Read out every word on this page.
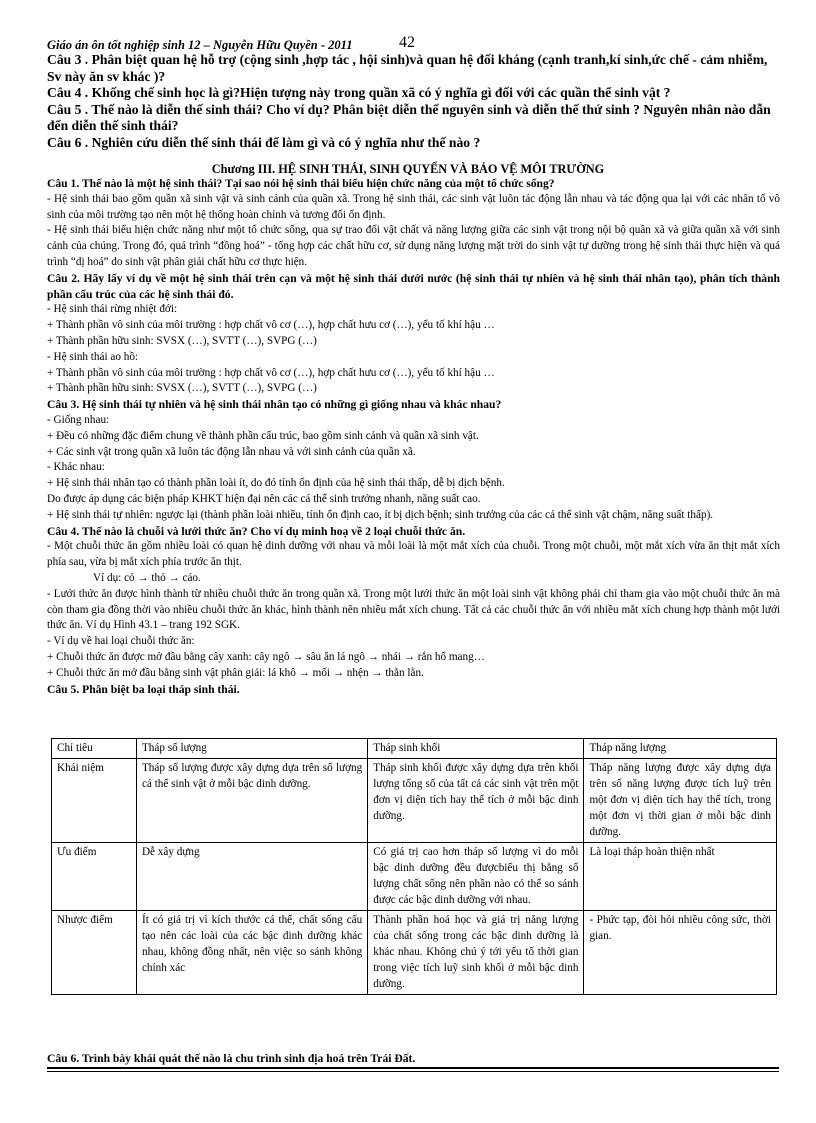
Giáo án ôn tốt nghiệp sinh 12 – Nguyễn Hữu Quyền - 2011	42

Câu 3 . Phân biệt quan hệ hỗ trợ (cộng sinh ,hợp tác , hội sinh)và quan hệ đối kháng (cạnh tranh,kí sinh,ức chế - cảm nhiễm, Sv này ăn sv khác )?

Câu 4 . Khống chế sinh học là gì?Hiện tượng này trong quần xã có ý nghĩa gì đối với các quần thể sinh vật ?

Câu 5 . Thế nào là diễn thế sinh thái? Cho ví dụ? Phân biệt diễn thế nguyên sinh và diễn thế thứ sinh ? Nguyên nhân nào dẫn đến diễn thế sinh thái?

Câu 6 . Nghiên cứu diễn thế sinh thái để làm gì và có ý nghĩa như thế nào ?

Chương III. HỆ SINH THÁI, SINH QUYỂN VÀ BẢO VỆ MÔI TRƯỜNG

Câu 1. Thế nào là một hệ sinh thái? Tại sao nói hệ sinh thái biểu hiện chức năng của một tổ chức sống?

- Hệ sinh thái bao gồm quần xã sinh vật và sinh cảnh của quần xã. Trong hệ sinh thái, các sinh vật luôn tác động lẫn nhau và tác động qua lại với các nhân tố vô sinh của môi trường tạo nên một hệ thống hoàn chỉnh và tương đối ổn định.

- Hệ sinh thái biểu hiện chức năng như một tổ chức sống, qua sự trao đổi vật chất và năng lượng giữa các sinh vật trong nội bộ quần xã và giữa quần xã với sinh cảnh của chúng. Trong đó, quá trình “đồng hoá” - tổng hợp các chất hữu cơ, sử dụng năng lượng mặt trời do sinh vật tự dưỡng trong hệ sinh thái thực hiện và quá trình “dị hoá” do sinh vật phân giải chất hữu cơ thực hiện.

Câu 2. Hãy lấy ví dụ về một hệ sinh thái trên cạn và một hệ sinh thái dưới nước (hệ sinh thái tự nhiên và hệ sinh thái nhân tạo), phân tích thành phần cấu trúc của các hệ sinh thái đó.

- Hệ sinh thái rừng nhiệt đới:

+ Thành phần vô sinh của môi trường : hợp chất vô cơ (…), hợp chất hưu cơ (…), yếu tố khí hậu …

+ Thành phần hữu sinh: SVSX (…), SVTT (…), SVPG (…)

- Hệ sinh thái ao hồ:

+ Thành phần vô sinh của môi trường : hợp chất vô cơ (…), hợp chất hưu cơ (…), yếu tố khí hậu …

+ Thành phần hữu sinh: SVSX (…), SVTT (…), SVPG (…)

Câu 3. Hệ sinh thái tự nhiên và hệ sinh thái nhân tạo có những gì giống nhau và khác nhau?

- Giống nhau:

+ Đều có những đặc điểm chung về thành phần cấu trúc, bao gồm sinh cảnh và quần xã sinh vật.

+ Các sinh vật trong quần xã luôn tác động lẫn nhau và với sinh cảnh của quần xã.

- Khác nhau:

+ Hệ sinh thái nhân tạo có thành phần loài ít, do đó tính ổn định của hệ sinh thái thấp, dễ bị dịch bệnh.

Do được áp dụng các biện pháp KHKT hiện đại nên các cá thể sinh trưởng nhanh, năng suất cao.

+ Hệ sinh thái tự nhiên: ngược lại (thành phần loài nhiều, tính ổn định cao, ít bị dịch bệnh; sinh trưởng của các cá thể sinh vật chậm, năng suất thấp).

Câu 4. Thế nào là chuỗi và lưới thức ăn? Cho ví dụ minh hoạ về 2 loại chuỗi thức ăn.

- Một chuỗi thức ăn gồm nhiều loài có quan hệ dinh dưỡng với nhau và mỗi loài là một mắt xích của chuỗi. Trong một chuỗi, một mắt xích vừa ăn thịt mắt xích phía sau, vừa bị mắt xích phía trước ăn thịt.

Ví dụ: cỏ → thỏ → cáo.

- Lưới thức ăn được hình thành từ nhiều chuỗi thức ăn trong quần xã. Trong một lưới thức ăn một loài sinh vật không phải chỉ tham gia vào một chuỗi thức ăn mà còn tham gia đồng thời vào nhiều chuỗi thức ăn khác, hình thành nên nhiều mắt xích chung. Tất cả các chuỗi thức ăn với nhiều mắt xích chung hợp thành một lưới thức ăn. Ví dụ Hình 43.1 – trang 192 SGK.

- Ví dụ về hai loại chuỗi thức ăn:

+ Chuỗi thức ăn được mở đầu bằng cây xanh: cây ngô → sâu ăn lá ngô → nhái → rắn hổ mang…

+ Chuỗi thức ăn mở đầu bằng sinh vật phân giải: lá khô → mối → nhện → thằn lằn.

Câu 5. Phân biệt ba loại tháp sinh thái.

Chỉ tiêu	Tháp số lượng	Tháp sinh khối	Tháp năng lượng
Khái niệm	Tháp số lượng được xây dựng dựa trên số lượng cá thể sinh vật ở mỗi bậc dinh dưỡng.	Tháp sinh khối được xây dựng dựa trên khối lượng tổng số của tất cả các sinh vật trên một đơn vị diện tích hay thể tích ở mỗi bậc dinh dưỡng.	Tháp năng lượng được xây dựng dựa trên số năng lượng được tích luỹ trên một đơn vị diện tích hay thể tích, trong một đơn vị thời gian ở mỗi bậc dinh dưỡng.
Ưu điểm	Dễ xây dựng	Có giá trị cao hơn tháp số lượng vì do mỗi bậc dinh dưỡng đều đượcbiểu thị bằng số lượng chất sống nên phần nào có thể so sánh được các bậc dinh dưỡng với nhau.	Là loại tháp hoàn thiện nhất
Nhược điểm	Ít có giá trị vì kích thước cá thể, chất sống cấu tạo nên các loài của các bậc dinh dưỡng khác nhau, không đồng nhất, nên việc so sánh không chính xác	Thành phần hoá học và giá trị năng lượng của chất sống trong các bậc dinh dưỡng là khác nhau. Không chú ý tới yếu tố thời gian trong việc tích luỹ sinh khối ở mỗi bậc dinh dưỡng.	- Phức tạp, đòi hỏi nhiều công sức, thời gian.
Câu 6. Trình bày khái quát thế nào là chu trình sinh địa hoá trên Trái Đất.
